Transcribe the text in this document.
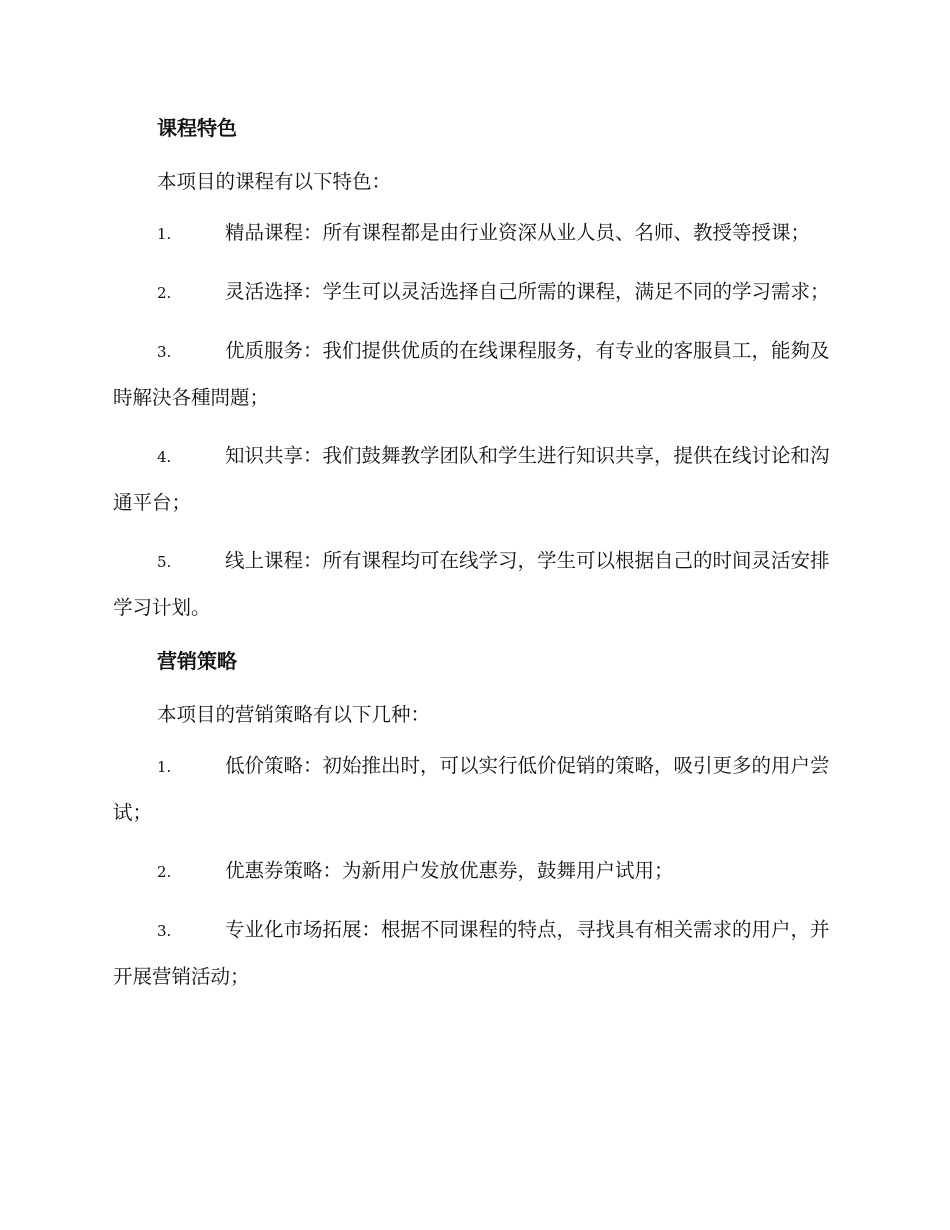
课程特色
本项目的课程有以下特色：
1.	精品课程：所有课程都是由行业资深从业人员、名师、教授等授课；
2.	灵活选择：学生可以灵活选择自己所需的课程，满足不同的学习需求；
3.	优质服务：我们提供优质的在线课程服务，有专业的客服員工，能夠及時解決各種問題；
4.	知识共享：我们鼓舞教学团队和学生进行知识共享，提供在线讨论和沟通平台；
5.	线上课程：所有课程均可在线学习，学生可以根据自己的时间灵活安排学习计划。
营销策略
本项目的营销策略有以下几种：
1.	低价策略：初始推出时，可以实行低价促销的策略，吸引更多的用户尝试；
2.	优惠券策略：为新用户发放优惠券，鼓舞用户试用；
3.	专业化市场拓展：根据不同课程的特点，寻找具有相关需求的用户，并开展营销活动；
